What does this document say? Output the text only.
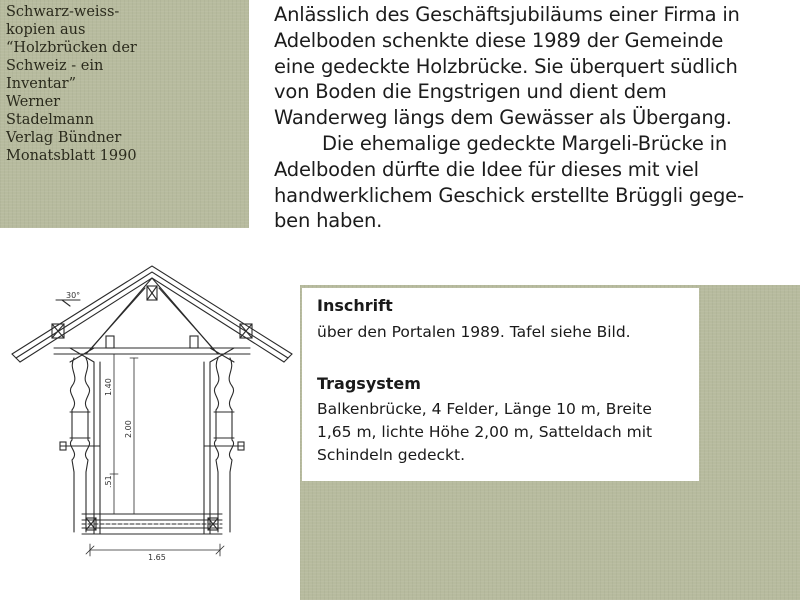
Schwarz-weiss-
kopien aus
“Holzbrücken der
Schweiz - ein
Inventar”
Werner
Stadelmann
Verlag Bündner
Monatsblatt 1990
Anlässlich des Geschäftsjubiläums einer Firma in
Adelboden schenkte diese 1989 der Gemeinde
eine gedeckte Holzbrücke. Sie überquert südlich
von Boden die Engstrigen und dient dem
Wanderweg längs dem Gewässer als Übergang.
Die ehemalige gedeckte Margeli-Brücke in
Adelboden dürfte die Idee für dieses mit viel
handwerklichem Geschick erstellte Brüggli gege-
ben haben.
Inschrift
über den Portalen 1989. Tafel siehe Bild.
Tragsystem
Balkenbrücke, 4 Felder, Länge 10 m, Breite
1,65 m, lichte Höhe 2,00 m, Satteldach mit
Schindeln gedeckt.
30°
1.40
2.00
.51
1.65
